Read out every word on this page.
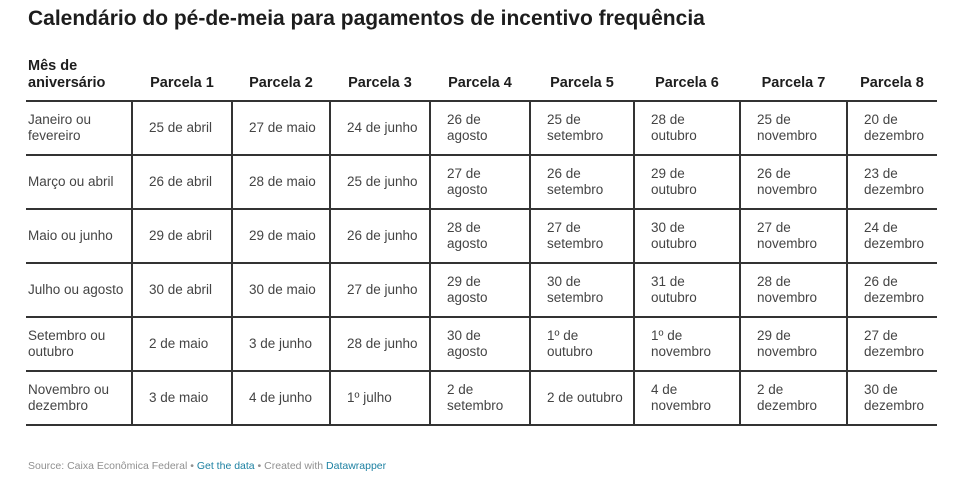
Calendário do pé-de-meia para pagamentos de incentivo frequência
Mês de aniversário	Parcela 1	Parcela 2	Parcela 3	Parcela 4	Parcela 5	Parcela 6	Parcela 7	Parcela 8

Janeiro ou fevereiro	25 de abril	27 de maio	24 de junho	26 de agosto	25 de setembro	28 de outubro	25 de novembro	20 de dezembro

Março ou abril	26 de abril	28 de maio	25 de junho	27 de agosto	26 de setembro	29 de outubro	26 de novembro	23 de dezembro

Maio ou junho	29 de abril	29 de maio	26 de junho	28 de agosto	27 de setembro	30 de outubro	27 de novembro	24 de dezembro

Julho ou agosto	30 de abril	30 de maio	27 de junho	29 de agosto	30 de setembro	31 de outubro	28 de novembro	26 de dezembro

Setembro ou outubro	2 de maio	3 de junho	28 de junho	30 de agosto	1º de outubro	1º de novembro	29 de novembro	27 de dezembro

Novembro ou dezembro	3 de maio	4 de junho	1º julho	2 de setembro	2 de outubro	4 de novembro	2 de dezembro	30 de dezembro
Source: Caixa Econômica Federal • Get the data • Created with Datawrapper
